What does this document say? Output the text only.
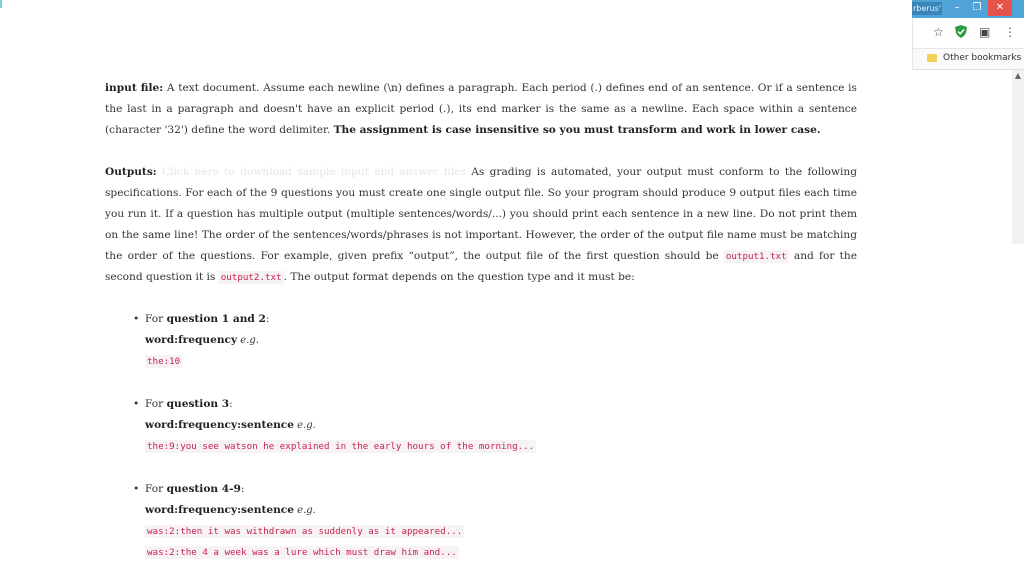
rberus'	–	❐	✕
☆	▣ ⋮
Other bookmarks
▲

input file: A text document. Assume each newline (\n) defines a paragraph. Each period (.) defines end of an sentence. Or if a sentence is the last in a paragraph and doesn't have an explicit period (.), its end marker is the same as a newline. Each space within a sentence (character '32') define the word delimiter. The assignment is case insensitive so you must transform and work in lower case.

Outputs: Click here to download sample input and answer files As grading is automated, your output must conform to the following specifications. For each of the 9 questions you must create one single output file. So your program should produce 9 output files each time you run it. If a question has multiple output (multiple sentences/words/...) you should print each sentence in a new line. Do not print them on the same line! The order of the sentences/words/phrases is not important. However, the order of the output file name must be matching the order of the questions. For example, given prefix “output”, the output file of the first question should be output1.txt and for the second question it is output2.txt . The output format depends on the question type and it must be:

• For question 1 and 2:
word:frequency e.g.
the:10
• For question 3:
word:frequency:sentence e.g.
the:9:you see watson he explained in the early hours of the morning...
• For question 4-9:
word:frequency:sentence e.g.
was:2:then it was withdrawn as suddenly as it appeared...
was:2:the 4 a week was a lure which must draw him and...
